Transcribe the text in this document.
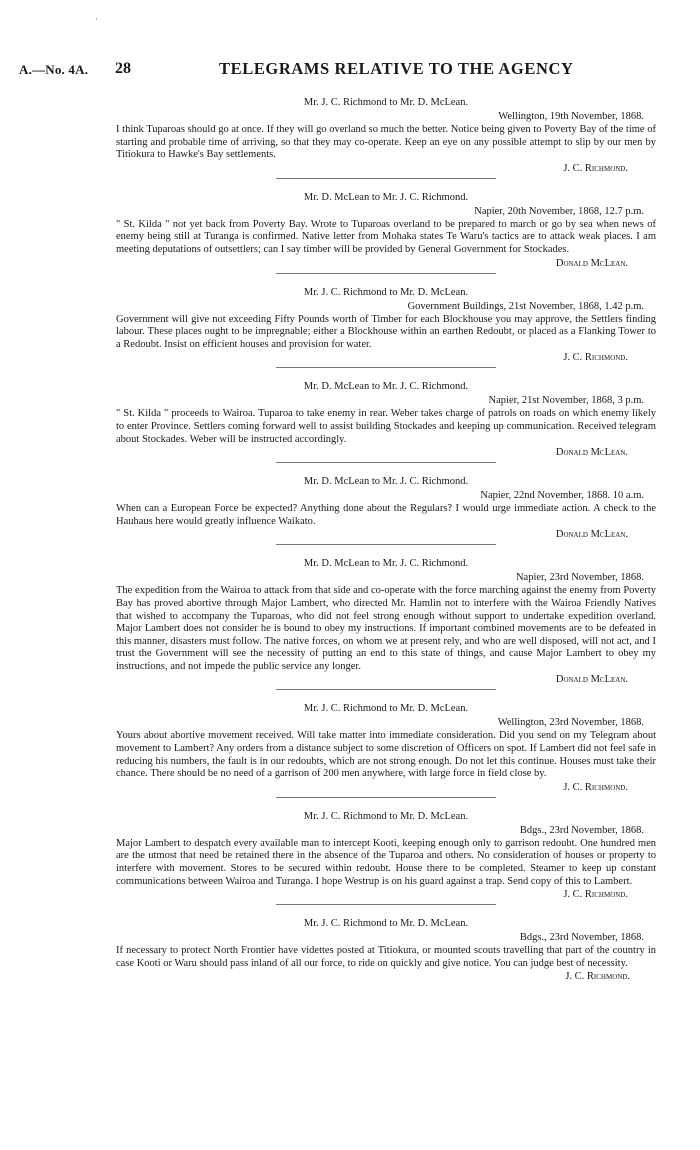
·
A.—No. 4A. 28	TELEGRAMS RELATIVE TO THE AGENCY
Mr. J. C. Richmond to Mr. D. McLean.
Wellington, 19th November, 1868.
I think Tuparoas should go at once. If they will go overland so much the better. Notice being given to Poverty Bay of the time of starting and probable time of arriving, so that they may co-operate. Keep an eye on any possible attempt to slip by our men by Titiokura to Hawke's Bay settlements.
J. C. Richmond.
Mr. D. McLean to Mr. J. C. Richmond.
Napier, 20th November, 1868, 12.7 p.m.
" St. Kilda " not yet back from Poverty Bay. Wrote to Tuparoas overland to be prepared to march or go by sea when news of enemy being still at Turanga is confirmed. Native letter from Mohaka states Te Waru's tactics are to attack weak places. I am meeting deputations of outsettlers; can I say timber will be provided by General Government for Stockades.
Donald McLean.
Mr. J. C. Richmond to Mr. D. McLean.
Government Buildings, 21st November, 1868, 1.42 p.m.
Government will give not exceeding Fifty Pounds worth of Timber for each Blockhouse you may approve, the Settlers finding labour. These places ought to be impregnable; either a Blockhouse within an earthen Redoubt, or placed as a Flanking Tower to a Redoubt. Insist on efficient houses and provision for water.
J. C. Richmond.
Mr. D. McLean to Mr. J. C. Richmond.
Napier, 21st November, 1868, 3 p.m.
" St. Kilda " proceeds to Wairoa. Tuparoa to take enemy in rear. Weber takes charge of patrols on roads on which enemy likely to enter Province. Settlers coming forward well to assist building Stockades and keeping up communication. Received telegram about Stockades. Weber will be instructed accordingly.
Donald McLean.
Mr. D. McLean to Mr. J. C. Richmond.
Napier, 22nd November, 1868. 10 a.m.
When can a European Force be expected? Anything done about the Regulars? I would urge immediate action. A check to the Hauhaus here would greatly influence Waikato.
Donald McLean.
Mr. D. McLean to Mr. J. C. Richmond.
Napier, 23rd November, 1868.
The expedition from the Wairoa to attack from that side and co-operate with the force marching against the enemy from Poverty Bay has proved abortive through Major Lambert, who directed Mr. Hamlin not to interfere with the Wairoa Friendly Natives that wished to accompany the Tuparoas, who did not feel strong enough without support to undertake expedition overland. Major Lambert does not consider he is bound to obey my instructions. If important combined movements are to be defeated in this manner, disasters must follow. The native forces, on whom we at present rely, and who are well disposed, will not act, and I trust the Government will see the necessity of putting an end to this state of things, and cause Major Lambert to obey my instructions, and not impede the public service any longer.
Donald McLean.
Mr. J. C. Richmond to Mr. D. McLean.
Wellington, 23rd November, 1868.
Yours about abortive movement received. Will take matter into immediate consideration. Did you send on my Telegram about movement to Lambert? Any orders from a distance subject to some discretion of Officers on spot. If Lambert did not feel safe in reducing his numbers, the fault is in our redoubts, which are not strong enough. Do not let this continue. Houses must take their chance. There should be no need of a garrison of 200 men anywhere, with large force in field close by.
J. C. Richmond.
Mr. J. C. Richmond to Mr. D. McLean.
Bdgs., 23rd November, 1868.
Major Lambert to despatch every available man to intercept Kooti, keeping enough only to garrison redoubt. One hundred men are the utmost that need be retained there in the absence of the Tuparoa and others. No consideration of houses or property to interfere with movement. Stores to be secured within redoubt. House there to be completed. Steamer to keep up constant communications between Wairoa and Turanga. I hope Westrup is on his guard against a trap. Send copy of this to Lambert.
J. C. Richmond.
Mr. J. C. Richmond to Mr. D. McLean.
Bdgs., 23rd November, 1868.
If necessary to protect North Frontier have videttes posted at Titiokura, or mounted scouts travelling that part of the country in case Kooti or Waru should pass inland of all our force, to ride on quickly and give notice. You can judge best of necessity.
J. C. Richmond.
